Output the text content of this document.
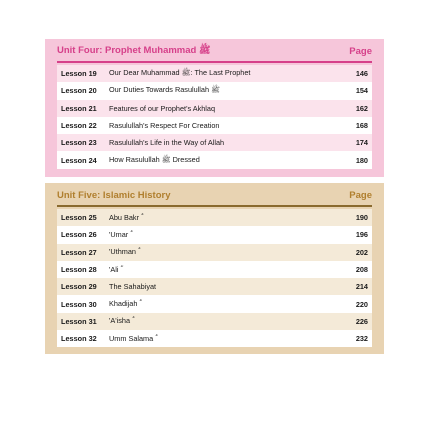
Unit Four: Prophet Muhammad ﷺ	Page
Lesson 19	Our Dear Muhammad ﷺ: The Last Prophet	146
Lesson 20	Our Duties Towards Rasulullah ﷺ	154
Lesson 21	Features of our Prophet's Akhlaq	162
Lesson 22	Rasulullah's Respect For Creation	168
Lesson 23	Rasulullah's Life in the Way of Allah	174
Lesson 24	How Rasulullah ﷺ Dressed	180
Unit Five: Islamic History	Page
Lesson 25	Abu Bakr ؓ	190
Lesson 26	'Umar ؓ	196
Lesson 27	'Uthman ؓ	202
Lesson 28	'Ali ؓ	208
Lesson 29	The Sahabiyat	214
Lesson 30	Khadijah ؓ	220
Lesson 31	'A'isha ؓ	226
Lesson 32	Umm Salama ؓ	232
